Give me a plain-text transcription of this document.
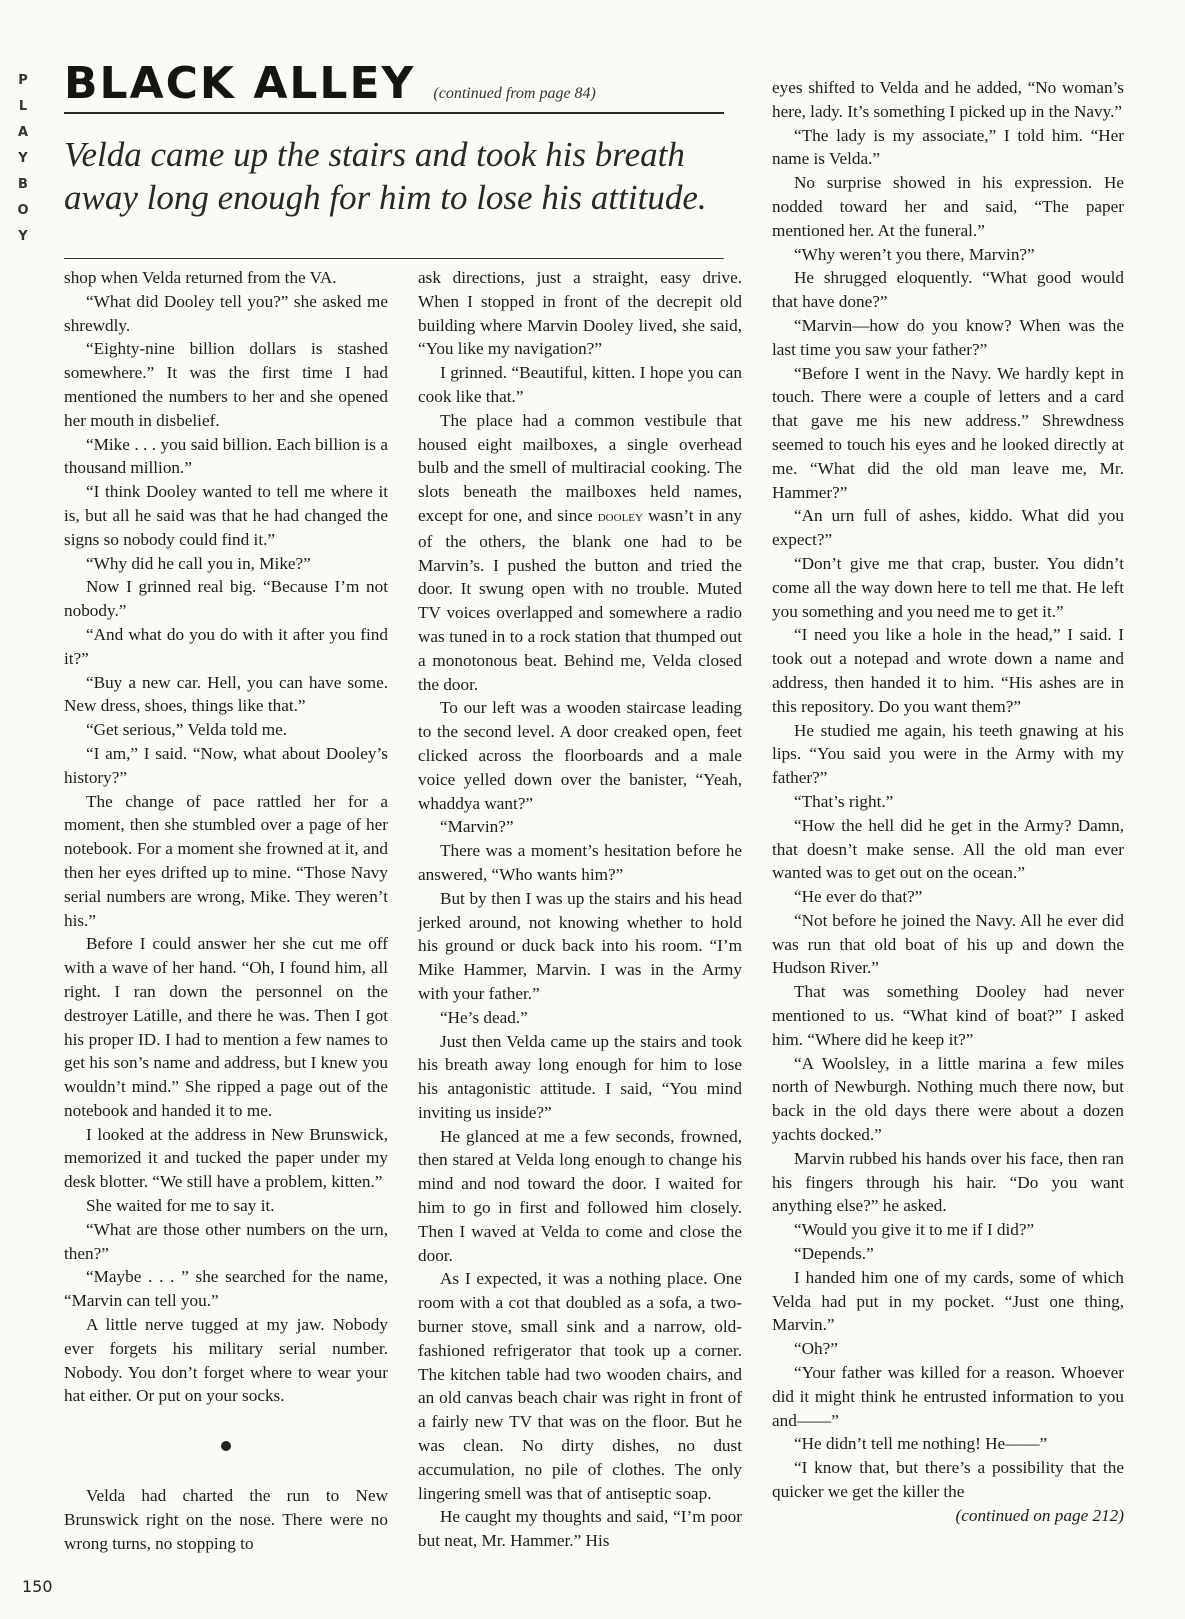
P
L
A
Y
B
O
Y
BLACK ALLEY (continued from page 84)

Velda came up the stairs and took his breath away long enough for him to lose his attitude.

shop when Velda returned from the VA.

“What did Dooley tell you?” she asked me shrewdly.

“Eighty-nine billion dollars is stashed somewhere.” It was the first time I had mentioned the numbers to her and she opened her mouth in disbelief.

“Mike . . . you said billion. Each billion is a thousand million.”

“I think Dooley wanted to tell me where it is, but all he said was that he had changed the signs so nobody could find it.”

“Why did he call you in, Mike?”

Now I grinned real big. “Because I’m not nobody.”

“And what do you do with it after you find it?”

“Buy a new car. Hell, you can have some. New dress, shoes, things like that.”

“Get serious,” Velda told me.

“I am,” I said. “Now, what about Dooley’s history?”

The change of pace rattled her for a moment, then she stumbled over a page of her notebook. For a moment she frowned at it, and then her eyes drifted up to mine. “Those Navy serial numbers are wrong, Mike. They weren’t his.”

Before I could answer her she cut me off with a wave of her hand. “Oh, I found him, all right. I ran down the personnel on the destroyer Latille, and there he was. Then I got his proper ID. I had to mention a few names to get his son’s name and address, but I knew you wouldn’t mind.” She ripped a page out of the notebook and handed it to me.

I looked at the address in New Brunswick, memorized it and tucked the paper under my desk blotter. “We still have a problem, kitten.”

She waited for me to say it.

“What are those other numbers on the urn, then?”

“Maybe . . . ” she searched for the name, “Marvin can tell you.”

A little nerve tugged at my jaw. Nobody ever forgets his military serial number. Nobody. You don’t forget where to wear your hat either. Or put on your socks.

Velda had charted the run to New Brunswick right on the nose. There were no wrong turns, no stopping to

ask directions, just a straight, easy drive. When I stopped in front of the decrepit old building where Marvin Dooley lived, she said, “You like my navigation?”

I grinned. “Beautiful, kitten. I hope you can cook like that.”

The place had a common vestibule that housed eight mailboxes, a single overhead bulb and the smell of multiracial cooking. The slots beneath the mailboxes held names, except for one, and since dooley wasn’t in any of the others, the blank one had to be Marvin’s. I pushed the button and tried the door. It swung open with no trouble. Muted TV voices overlapped and somewhere a radio was tuned in to a rock station that thumped out a monotonous beat. Behind me, Velda closed the door.

To our left was a wooden staircase leading to the second level. A door creaked open, feet clicked across the floorboards and a male voice yelled down over the banister, “Yeah, whaddya want?”

“Marvin?”

There was a moment’s hesitation before he answered, “Who wants him?”

But by then I was up the stairs and his head jerked around, not knowing whether to hold his ground or duck back into his room. “I’m Mike Hammer, Marvin. I was in the Army with your father.”

“He’s dead.”

Just then Velda came up the stairs and took his breath away long enough for him to lose his antagonistic attitude. I said, “You mind inviting us inside?”

He glanced at me a few seconds, frowned, then stared at Velda long enough to change his mind and nod toward the door. I waited for him to go in first and followed him closely. Then I waved at Velda to come and close the door.

As I expected, it was a nothing place. One room with a cot that doubled as a sofa, a two-burner stove, small sink and a narrow, old-fashioned refrigerator that took up a corner. The kitchen table had two wooden chairs, and an old canvas beach chair was right in front of a fairly new TV that was on the floor. But he was clean. No dirty dishes, no dust accumulation, no pile of clothes. The only lingering smell was that of antiseptic soap.

He caught my thoughts and said, “I’m poor but neat, Mr. Hammer.” His

eyes shifted to Velda and he added, “No woman’s here, lady. It’s something I picked up in the Navy.”

“The lady is my associate,” I told him. “Her name is Velda.”

No surprise showed in his expression. He nodded toward her and said, “The paper mentioned her. At the funeral.”

“Why weren’t you there, Marvin?”

He shrugged eloquently. “What good would that have done?”

“Marvin—how do you know? When was the last time you saw your father?”

“Before I went in the Navy. We hardly kept in touch. There were a couple of letters and a card that gave me his new address.” Shrewdness seemed to touch his eyes and he looked directly at me. “What did the old man leave me, Mr. Hammer?”

“An urn full of ashes, kiddo. What did you expect?”

“Don’t give me that crap, buster. You didn’t come all the way down here to tell me that. He left you something and you need me to get it.”

“I need you like a hole in the head,” I said. I took out a notepad and wrote down a name and address, then handed it to him. “His ashes are in this repository. Do you want them?”

He studied me again, his teeth gnawing at his lips. “You said you were in the Army with my father?”

“That’s right.”

“How the hell did he get in the Army? Damn, that doesn’t make sense. All the old man ever wanted was to get out on the ocean.”

“He ever do that?”

“Not before he joined the Navy. All he ever did was run that old boat of his up and down the Hudson River.”

That was something Dooley had never mentioned to us. “What kind of boat?” I asked him. “Where did he keep it?”

“A Woolsley, in a little marina a few miles north of Newburgh. Nothing much there now, but back in the old days there were about a dozen yachts docked.”

Marvin rubbed his hands over his face, then ran his fingers through his hair. “Do you want anything else?” he asked.

“Would you give it to me if I did?”

“Depends.”

I handed him one of my cards, some of which Velda had put in my pocket. “Just one thing, Marvin.”

“Oh?”

“Your father was killed for a reason. Whoever did it might think he entrusted information to you and——”

“He didn’t tell me nothing! He——”

“I know that, but there’s a possibility that the quicker we get the killer the

(continued on page 212)

150
